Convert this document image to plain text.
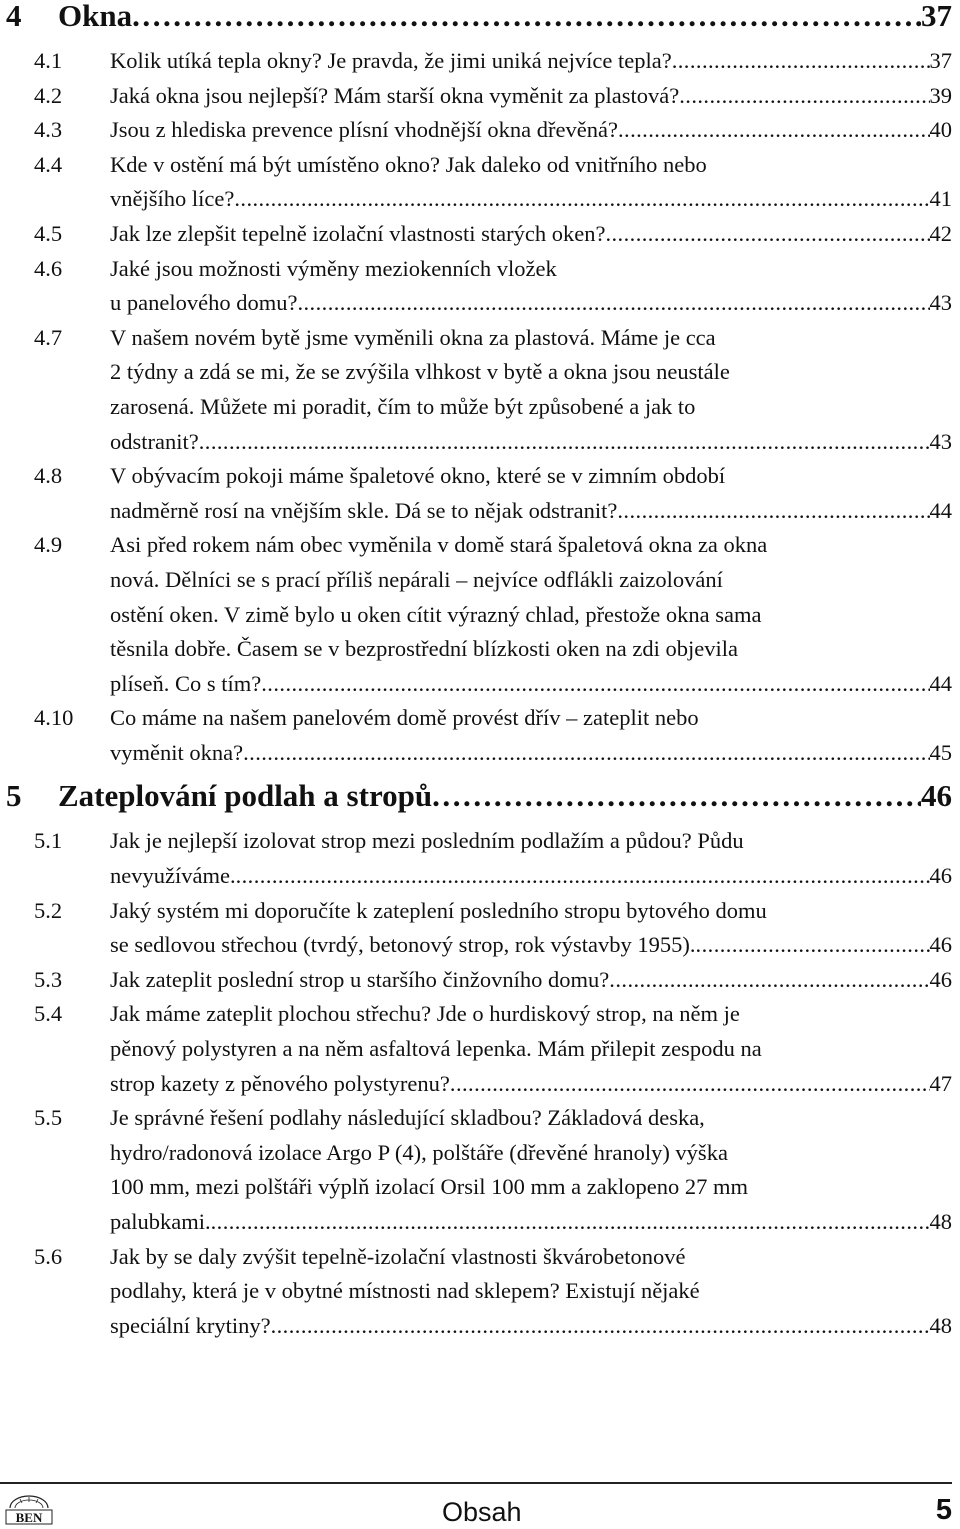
4 Okna . . .	37
4.1 Kolik utíká tepla okny? Je pravda, že jimi uniká nejvíce tepla? . . .	37
4.2 Jaká okna jsou nejlepší? Mám starší okna vyměnit za plastová? . . .	39
4.3 Jsou z hlediska prevence plísní vhodnější okna dřevěná? . . .	40
4.4 Kde v ostění má být umístěno okno? Jak daleko od vnitřního nebo
vnějšího líce? . . .	41
4.5 Jak lze zlepšit tepelně izolační vlastnosti starých oken? . . .	42
4.6 Jaké jsou možnosti výměny meziokenních vložek
u panelového domu? . . .	43
4.7 V našem novém bytě jsme vyměnili okna za plastová. Máme je cca
2 týdny a zdá se mi, že se zvýšila vlhkost v bytě a okna jsou neustále
zarosená. Můžete mi poradit, čím to může být způsobené a jak to
odstranit? . . .	43
4.8 V obývacím pokoji máme špaletové okno, které se v zimním období
nadměrně rosí na vnějším skle. Dá se to nějak odstranit? . . .	44
4.9 Asi před rokem nám obec vyměnila v domě stará špaletová okna za okna
nová. Dělníci se s prací příliš nepárali – nejvíce odflákli zaizolování
ostění oken. V zimě bylo u oken cítit výrazný chlad, přestože okna sama
těsnila dobře. Časem se v bezprostřední blízkosti oken na zdi objevila
plíseň. Co s tím? . . .	44
4.10 Co máme na našem panelovém domě provést dřív – zateplit nebo
vyměnit okna? . . .	45
5 Zateplování podlah a stropů . . .	46
5.1 Jak je nejlepší izolovat strop mezi posledním podlažím a půdou? Půdu
nevyužíváme. . . .	46
5.2 Jaký systém mi doporučíte k zateplení posledního stropu bytového domu
se sedlovou střechou (tvrdý, betonový strop, rok výstavby 1955). . . .	46
5.3 Jak zateplit poslední strop u staršího činžovního domu? . . .	46
5.4 Jak máme zateplit plochou střechu? Jde o hurdiskový strop, na něm je
pěnový polystyren a na něm asfaltová lepenka. Mám přilepit zespodu na
strop kazety z pěnového polystyrenu? . . .	47
5.5 Je správné řešení podlahy následující skladbou? Základová deska,
hydro/radonová izolace Argo P (4), polštáře (dřevěné hranoly) výška
100 mm, mezi polštáři výplň izolací Orsil 100 mm a zaklopeno 27 mm
palubkami. . . .	48
5.6 Jak by se daly zvýšit tepelně-izolační vlastnosti škvárobetonové
podlahy, která je v obytné místnosti nad sklepem? Existují nějaké
speciální krytiny? . . .	48
BEN	Obsah	5
